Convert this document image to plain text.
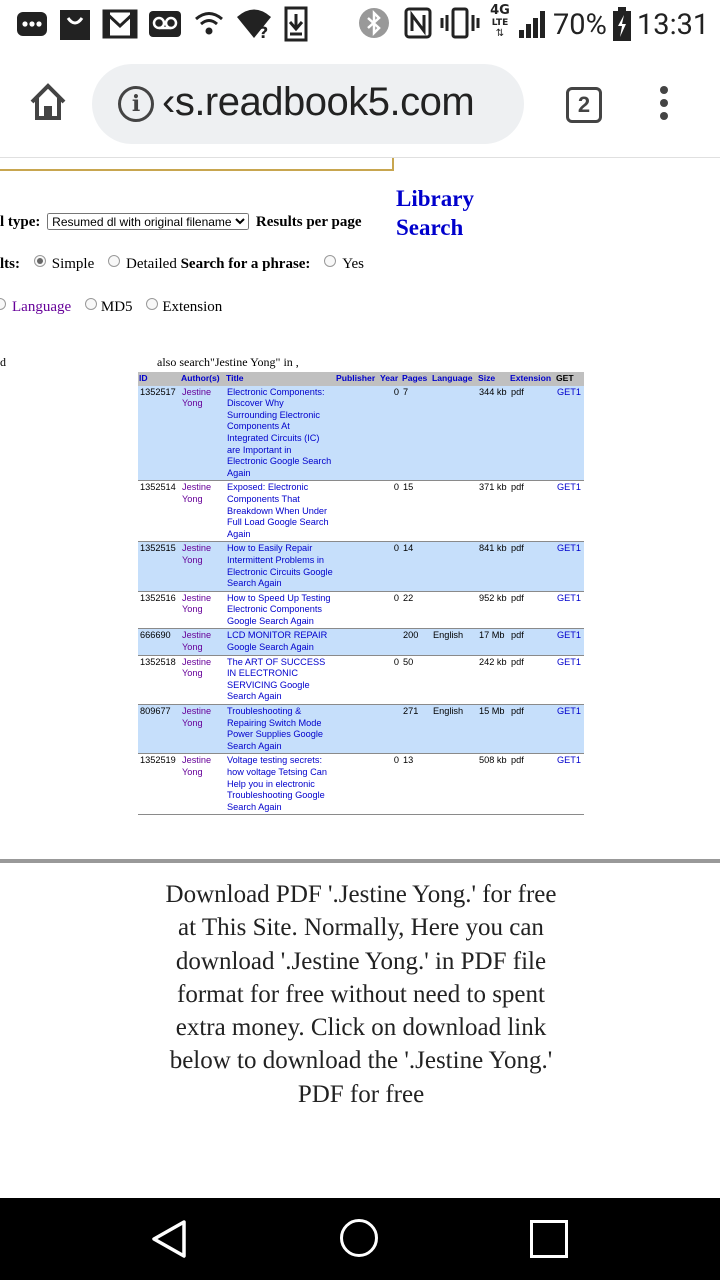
?
4G
LTE
⇅	70% 13:31
i ‹s.readbook5.com	2
Library Search
l type:
Resumed dl with original filename	Results per page
lts: Simple Detailed Search for a phrase: Yes
Language MD5 Extension
d	also search"Jestine Yong" in ,
ID	Author(s)	Title	Publisher	Year	Pages	Language	Size	Extension	GET
1352517	Jestine Yong	Electronic Components: Discover Why Surrounding Electronic Components At Integrated Circuits (IC) are Important in Electronic Google Search Again		0	7		344 kb	pdf	GET1
1352514	Jestine Yong	Exposed: Electronic Components That Breakdown When Under Full Load Google Search Again		0	15		371 kb	pdf	GET1
1352515	Jestine Yong	How to Easily Repair Intermittent Problems in Electronic Circuits Google Search Again		0	14		841 kb	pdf	GET1
1352516	Jestine Yong	How to Speed Up Testing Electronic Components Google Search Again		0	22		952 kb	pdf	GET1
666690	Jestine Yong	LCD MONITOR REPAIR Google Search Again			200	English	17 Mb	pdf	GET1
1352518	Jestine Yong	The ART OF SUCCESS IN ELECTRONIC SERVICING Google Search Again		0	50		242 kb	pdf	GET1
809677	Jestine Yong	Troubleshooting & Repairing Switch Mode Power Supplies Google Search Again			271	English	15 Mb	pdf	GET1
1352519	Jestine Yong	Voltage testing secrets: how voltage Tetsing Can Help you in electronic Troubleshooting Google Search Again		0	13		508 kb	pdf	GET1
Download PDF '.Jestine Yong.' for free at This Site. Normally, Here you can download '.Jestine Yong.' in PDF file format for free without need to spent extra money. Click on download link below to download the '.Jestine Yong.' PDF for free
